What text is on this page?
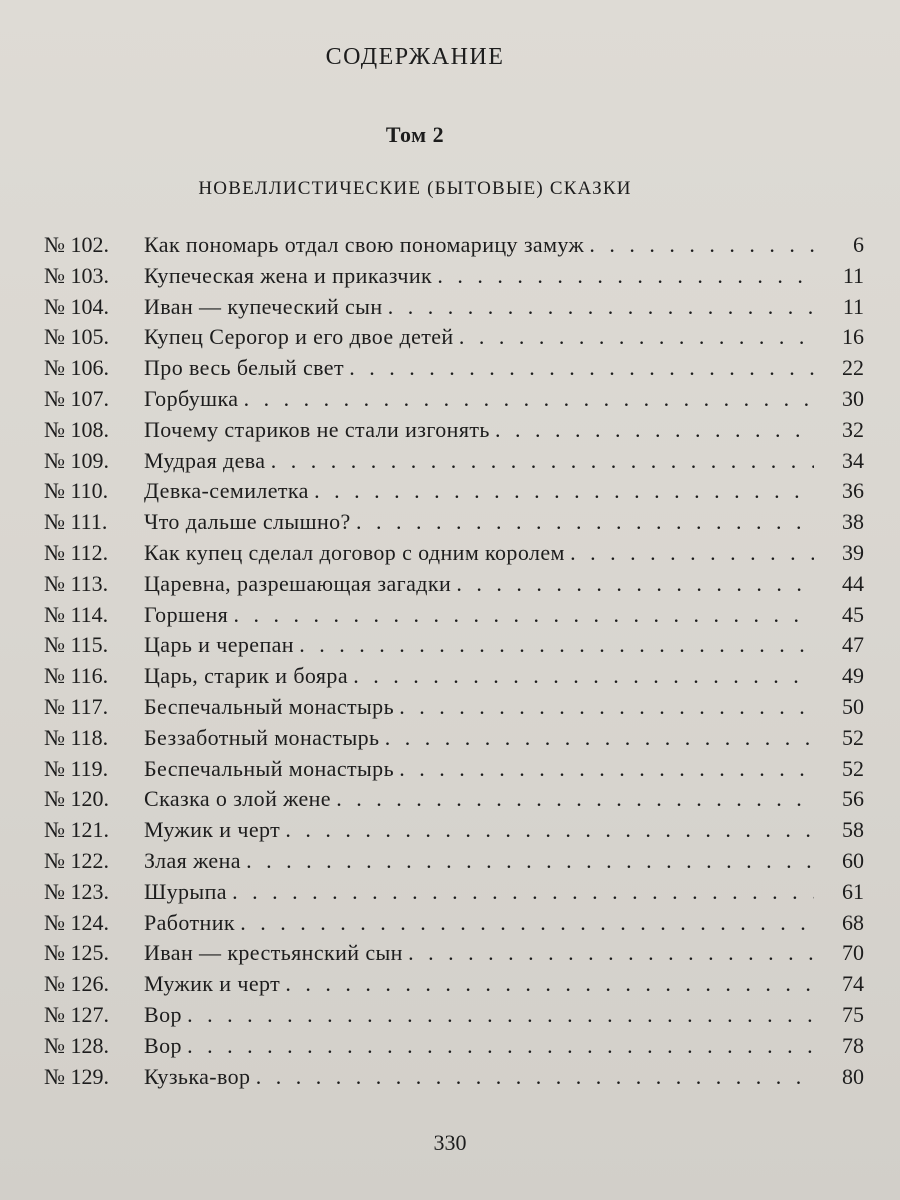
СОДЕРЖАНИЕ
Том 2
НОВЕЛЛИСТИЧЕСКИЕ (БЫТОВЫЕ) СКАЗКИ
№ 102.	Как пономарь отдал свою пономарицу замуж . . .	6
№ 103.	Купеческая жена и приказчик . . .	11
№ 104.	Иван — купеческий сын . . .	11
№ 105.	Купец Серогор и его двое детей . . .	16
№ 106.	Про весь белый свет . . .	22
№ 107.	Горбушка . . .	30
№ 108.	Почему стариков не стали изгонять . . .	32
№ 109.	Мудрая дева . . .	34
№ 110.	Девка-семилетка . . .	36
№ 111.	Что дальше слышно? . . .	38
№ 112.	Как купец сделал договор с одним королем . . .	39
№ 113.	Царевна, разрешающая загадки . . .	44
№ 114.	Горшеня . . .	45
№ 115.	Царь и черепан . . .	47
№ 116.	Царь, старик и бояра . . .	49
№ 117.	Беспечальный монастырь . . .	50
№ 118.	Беззаботный монастырь . . .	52
№ 119.	Беспечальный монастырь . . .	52
№ 120.	Сказка о злой жене . . .	56
№ 121.	Мужик и черт . . .	58
№ 122.	Злая жена . . .	60
№ 123.	Шурыпа . . .	61
№ 124.	Работник . . .	68
№ 125.	Иван — крестьянский сын . . .	70
№ 126.	Мужик и черт . . .	74
№ 127.	Вор . . .	75
№ 128.	Вор . . .	78
№ 129.	Кузька-вор . . .	80
330
